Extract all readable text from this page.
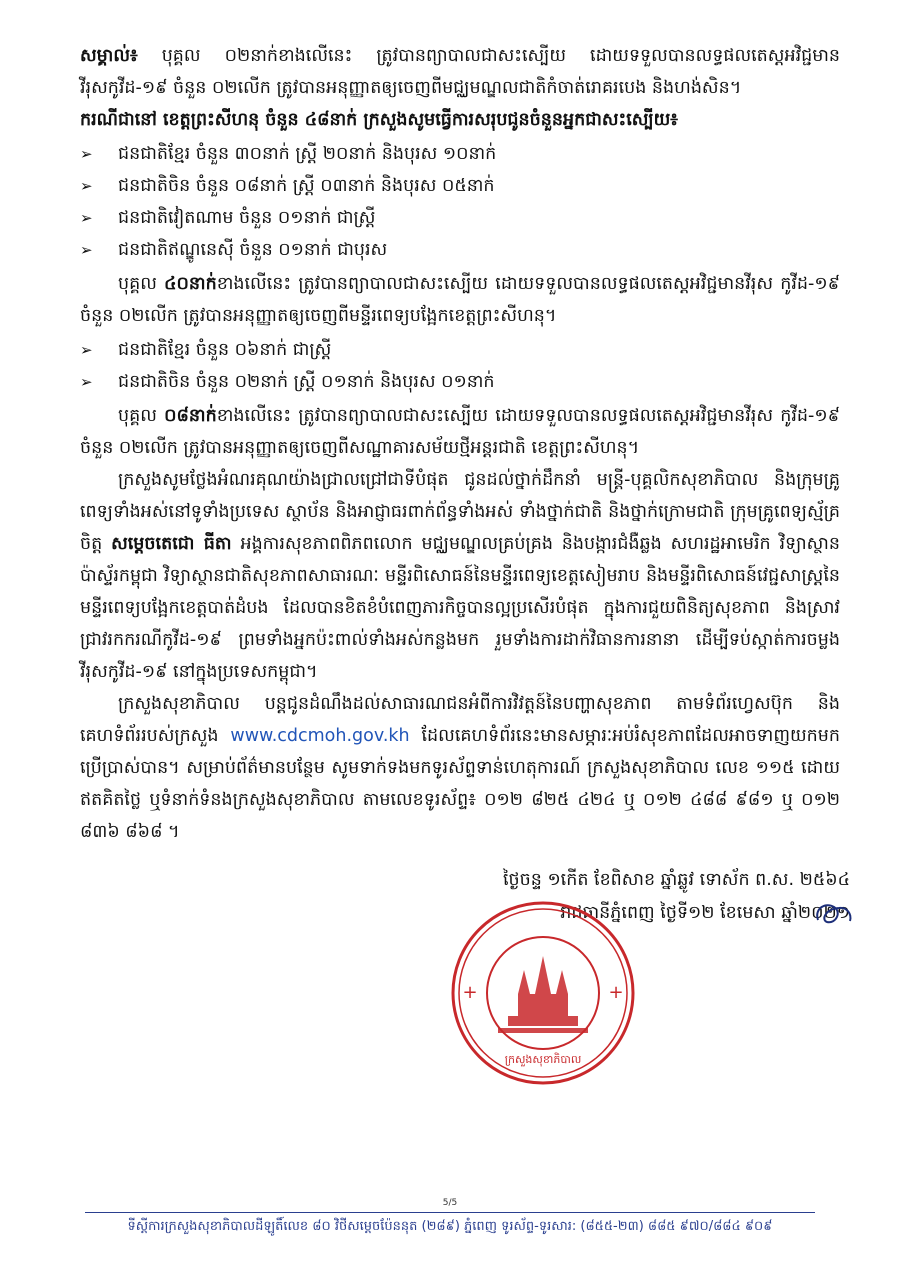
សម្គាល់៖ បុគ្គល ០២នាក់ខាងលើនេះ ត្រូវបានព្យាបាលជាសះស្បើយ ដោយទទួលបានលទ្ធផលតេស្តអវិជ្ជមានវីរុសកូវីដ-១៩ ចំនួន ០២លើក ត្រូវបានអនុញ្ញាតឲ្យចេញពីមជ្ឈមណ្ឌលជាតិកំចាត់រោគរបេង និងហង់សិន។

ករណីជានៅ ខេត្តព្រះសីហនុ ចំនួន ៤៨នាក់ ក្រសួងសូមធ្វើការសរុបជូនចំនួនអ្នកជាសះស្បើយ៖

➢ ជនជាតិខ្មែរ ចំនួន ៣០នាក់ ស្ត្រី ២០នាក់ និងបុរស ១០នាក់
➢ ជនជាតិចិន ចំនួន ០៨នាក់ ស្ត្រី ០៣នាក់ និងបុរស ០៥នាក់
➢ ជនជាតិវៀតណាម ចំនួន ០១នាក់ ជាស្ត្រី
➢ ជនជាតិឥណ្ឌូនេស៊ី ចំនួន ០១នាក់ ជាបុរស

បុគ្គល ៤០នាក់ខាងលើនេះ ត្រូវបានព្យាបាលជាសះស្បើយ ដោយទទួលបានលទ្ធផលតេស្តអវិជ្ជមានវីរុស កូវីដ-១៩ ចំនួន ០២លើក ត្រូវបានអនុញ្ញាតឲ្យចេញពីមន្ទីរពេទ្យបង្អែកខេត្តព្រះសីហនុ។

➢ ជនជាតិខ្មែរ ចំនួន ០៦នាក់ ជាស្ត្រី
➢ ជនជាតិចិន ចំនួន ០២នាក់ ស្ត្រី ០១នាក់ និងបុរស ០១នាក់

បុគ្គល ០៨នាក់ខាងលើនេះ ត្រូវបានព្យាបាលជាសះស្បើយ ដោយទទួលបានលទ្ធផលតេស្តអវិជ្ជមានវីរុស កូវីដ-១៩ ចំនួន ០២លើក ត្រូវបានអនុញ្ញាតឲ្យចេញពីសណ្ឋាគារសម័យថ្មីអន្តរជាតិ ខេត្តព្រះសីហនុ។

ក្រសួងសូមថ្លែងអំណរគុណយ៉ាងជ្រាលជ្រៅជាទីបំផុត ជូនដល់ថ្នាក់ដឹកនាំ មន្ត្រី-បុគ្គលិកសុខាភិបាល និងក្រុមគ្រូពេទ្យទាំងអស់នៅទូទាំងប្រទេស ស្ថាប័ន និងអាជ្ញាធរពាក់ព័ន្ធទាំងអស់ ទាំងថ្នាក់ជាតិ និងថ្នាក់ក្រោមជាតិ ក្រុមគ្រូពេទ្យស្ម័គ្រចិត្ត សម្តេចតេជោ ធីតា អង្គការសុខភាពពិភពលោក មជ្ឈមណ្ឌលគ្រប់គ្រង និងបង្ការជំងឺឆ្លង សហរដ្ឋអាមេរិក វិទ្យាស្ថានប៉ាស្ទ័រកម្ពុជា វិទ្យាស្ថានជាតិសុខភាពសាធារណៈ មន្ទីរពិសោធន៍នៃមន្ទីរពេទ្យខេត្តសៀមរាប និងមន្ទីរពិសោធន៍វេជ្ជសាស្ត្រនៃមន្ទីរពេទ្យបង្អែកខេត្តបាត់ដំបង ដែលបានខិតខំបំពេញភារកិច្ចបានល្អប្រសើរបំផុត ក្នុងការជួយពិនិត្យសុខភាព និងស្រាវជ្រាវរកករណីកូវីដ-១៩ ព្រមទាំងអ្នកប៉ះពាល់ទាំងអស់កន្លងមក រួមទាំងការដាក់វិធានការនានា ដើម្បីទប់ស្កាត់ការចម្លងវីរុសកូវីដ-១៩ នៅក្នុងប្រទេសកម្ពុជា។

ក្រសួងសុខាភិបាល បន្តជូនដំណឹងដល់សាធារណជនអំពីការវិវត្តន៍នៃបញ្ហាសុខភាព តាមទំព័រហ្វេសប៊ុក និងគេហទំព័ររបស់ក្រសួង www.cdcmoh.gov.kh ដែលគេហទំព័រនេះមានសម្ភារៈអប់រំសុខភាពដែលអាចទាញយកមកប្រើប្រាស់បាន។ សម្រាប់ព័ត៌មានបន្ថែម សូមទាក់ទងមកទូរស័ព្ទទាន់ហេតុការណ៍ ក្រសួងសុខាភិបាល លេខ ១១៥ ដោយឥតគិតថ្លៃ ឬទំនាក់ទំនងក្រសួងសុខាភិបាល តាមលេខទូរស័ព្ទ៖ ០១២ ៨២៥ ៤២៤ ឬ ០១២ ៤៨៨ ៩៨១ ឬ ០១២ ៨៣៦ ៨៦៨ ។

ថ្ងៃចន្ទ ១កើត ខែពិសាខ ឆ្នាំឆ្លូវ ទោស័ក ព.ស. ២៥៦៤
រាជធានីភ្នំពេញ ថ្ងៃទី១២ ខែមេសា ឆ្នាំ២០២១
+	+
ក្រសួងសុខាភិបាល
5/5
ទីស្តីការក្រសួងសុខាភិបាលដីឡូតិ៍លេខ ៨០ វិថីសម្តេចប៉ែននុត (២៨៩) ភ្នំពេញ ទូរស័ព្ទ-ទូរសារ: (៨៥៥-២៣) ៨៨៥ ៩៧០/៨៨៤ ៩០៩
